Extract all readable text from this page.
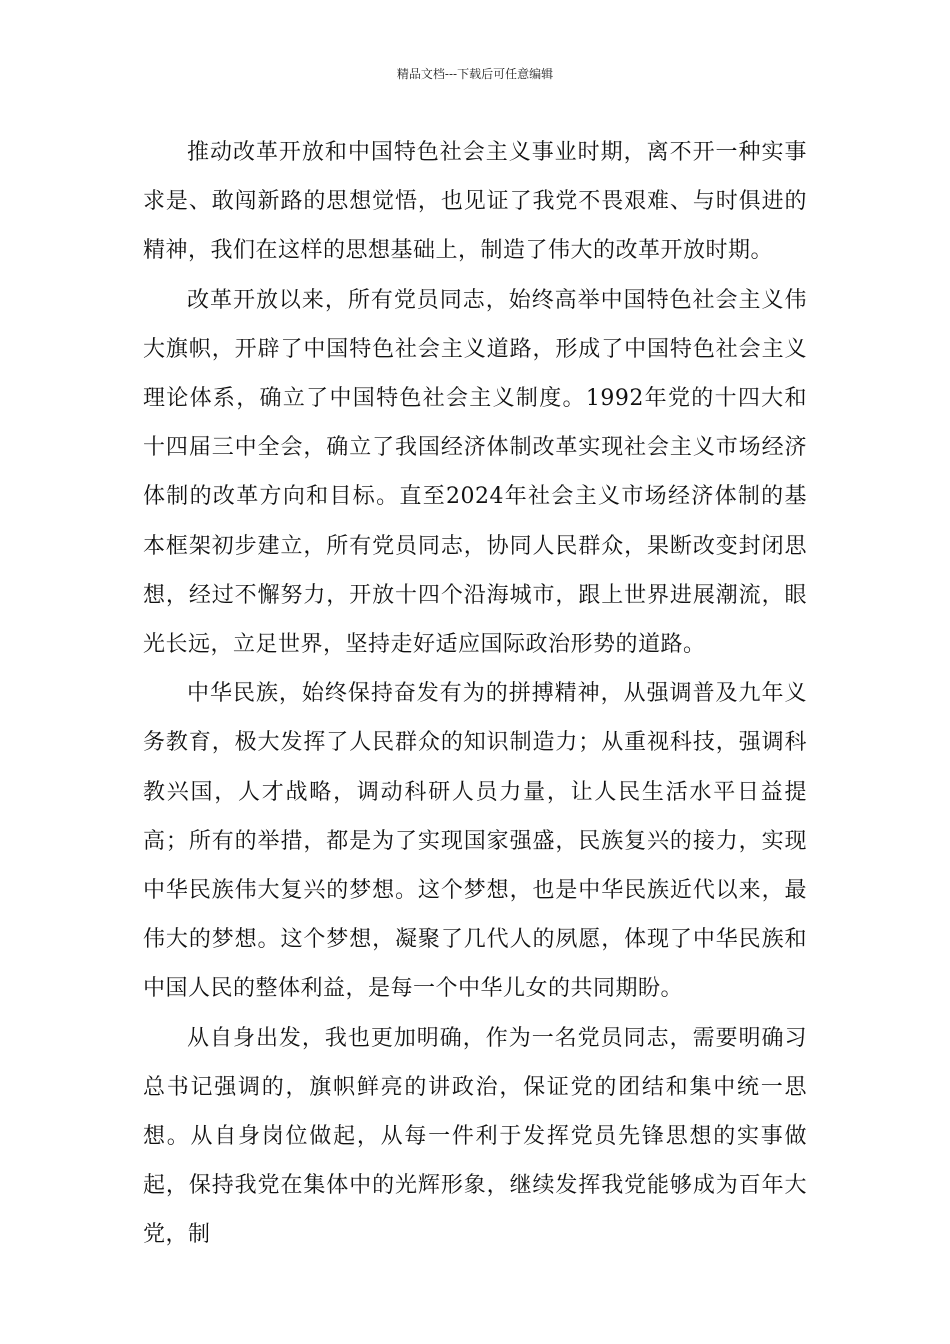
精品文档---下载后可任意编辑

推动改革开放和中国特色社会主义事业时期，离不开一种实事求是、敢闯新路的思想觉悟，也见证了我党不畏艰难、与时俱进的精神，我们在这样的思想基础上，制造了伟大的改革开放时期。

改革开放以来，所有党员同志，始终高举中国特色社会主义伟大旗帜，开辟了中国特色社会主义道路，形成了中国特色社会主义理论体系，确立了中国特色社会主义制度。1992年党的十四大和十四届三中全会，确立了我国经济体制改革实现社会主义市场经济体制的改革方向和目标。直至2024年社会主义市场经济体制的基本框架初步建立，所有党员同志，协同人民群众，果断改变封闭思想，经过不懈努力，开放十四个沿海城市，跟上世界进展潮流，眼光长远，立足世界，坚持走好适应国际政治形势的道路。

中华民族，始终保持奋发有为的拼搏精神，从强调普及九年义务教育，极大发挥了人民群众的知识制造力；从重视科技，强调科教兴国，人才战略，调动科研人员力量，让人民生活水平日益提高；所有的举措，都是为了实现国家强盛，民族复兴的接力，实现中华民族伟大复兴的梦想。这个梦想，也是中华民族近代以来，最伟大的梦想。这个梦想，凝聚了几代人的夙愿，体现了中华民族和中国人民的整体利益，是每一个中华儿女的共同期盼。

从自身出发，我也更加明确，作为一名党员同志，需要明确习总书记强调的，旗帜鲜亮的讲政治，保证党的团结和集中统一思想。从自身岗位做起，从每一件利于发挥党员先锋思想的实事做起，保持我党在集体中的光辉形象，继续发挥我党能够成为百年大党，制
